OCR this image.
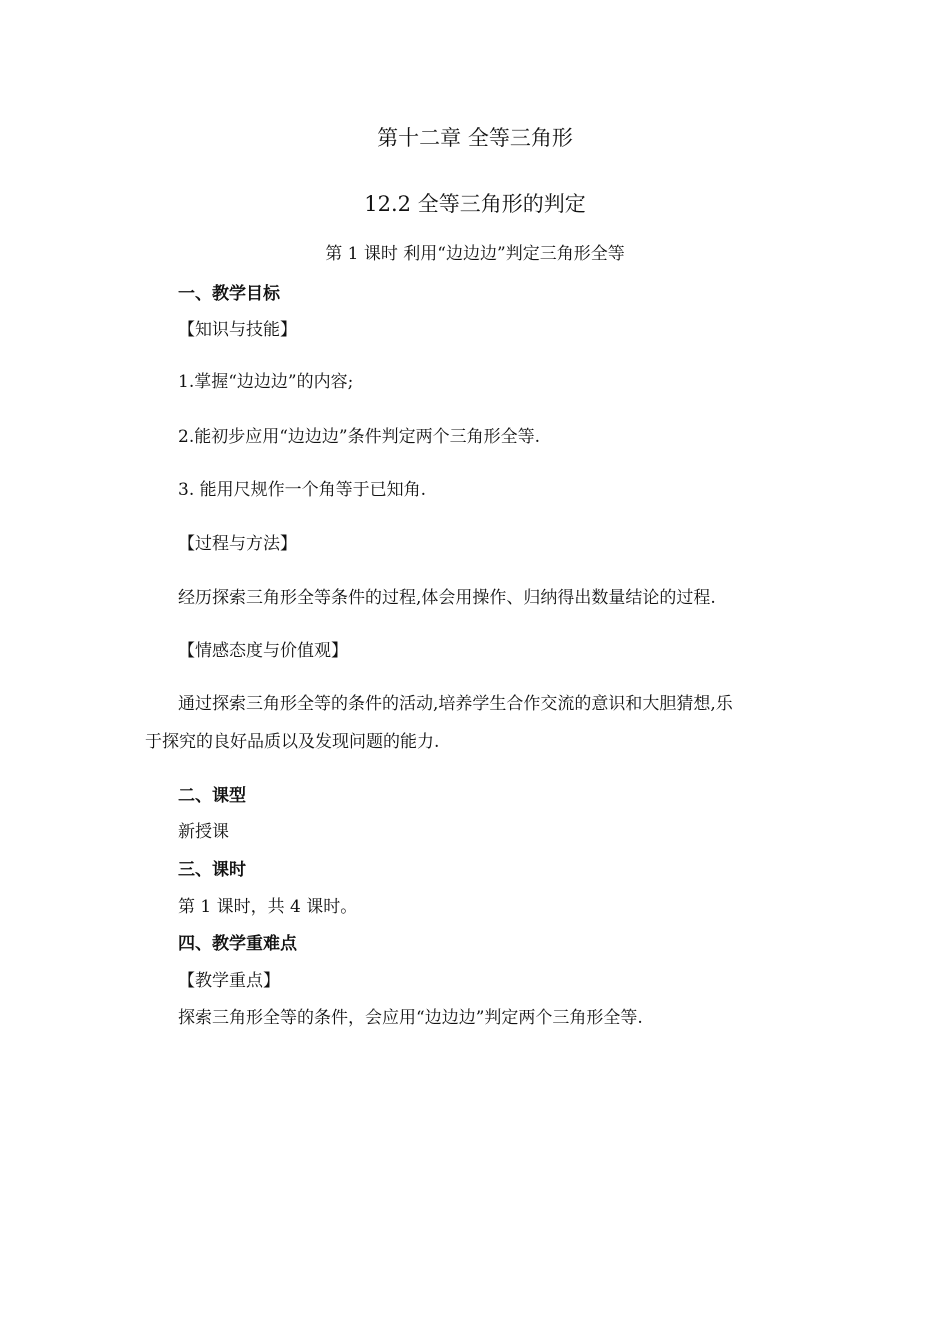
第十二章 全等三角形
12.2 全等三角形的判定
第 1 课时 利用“边边边”判定三角形全等
一、教学目标
【知识与技能】
1.掌握“边边边”的内容;
2.能初步应用“边边边”条件判定两个三角形全等.
3. 能用尺规作一个角等于已知角.
【过程与方法】
经历探索三角形全等条件的过程,体会用操作、归纳得出数量结论的过程.
【情感态度与价值观】
通过探索三角形全等的条件的活动,培养学生合作交流的意识和大胆猜想,乐
于探究的良好品质以及发现问题的能力.
二、课型
新授课
三、课时
第 1 课时，共 4 课时。
四、教学重难点
【教学重点】
探索三角形全等的条件，会应用“边边边”判定两个三角形全等.
